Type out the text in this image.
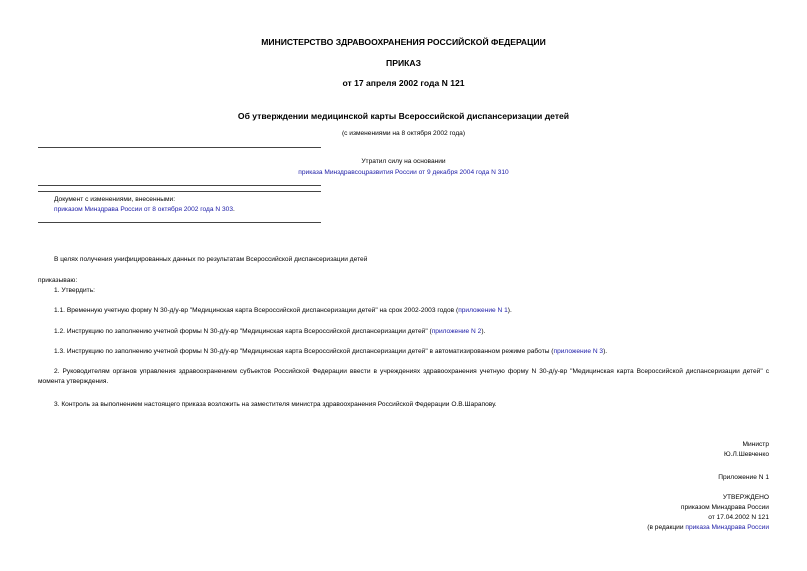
МИНИСТЕРСТВО ЗДРАВООХРАНЕНИЯ РОССИЙСКОЙ ФЕДЕРАЦИИ
ПРИКАЗ
от 17 апреля 2002 года N 121
Об утверждении медицинской карты Всероссийской диспансеризации детей
(с изменениями на 8 октября 2002 года)
Утратил силу на основании
приказа Минздравсоцразвития России от 9 декабря 2004 года N 310
Документ с изменениями, внесенными:
приказом Минздрава России от 8 октября 2002 года N 303.
В целях получения унифицированных данных по результатам Всероссийской диспансеризации детей
приказываю:
1. Утвердить:
1.1. Временную учетную форму N 30-д/у-вр "Медицинская карта Всероссийской диспансеризации детей" на срок 2002-2003 годов (приложение N 1).
1.2. Инструкцию по заполнению учетной формы N 30-д/у-вр "Медицинская карта Всероссийской диспансеризации детей" (приложение N 2).
1.3. Инструкцию по заполнению учетной формы N 30-д/у-вр "Медицинская карта Всероссийской диспансеризации детей" в автоматизированном режиме работы (приложение N 3).
2. Руководителям органов управления здравоохранением субъектов Российской Федерации ввести в учреждениях здравоохранения учетную форму N 30-д/у-вр "Медицинская карта Всероссийской диспансеризации детей" с момента утверждения.
3. Контроль за выполнением настоящего приказа возложить на заместителя министра здравоохранения Российской Федерации О.В.Шарапову.
Министр
Ю.Л.Шевченко
Приложение N 1
УТВЕРЖДЕНО
приказом Минздрава России
от 17.04.2002 N 121
(в редакции приказа Минздрава России
